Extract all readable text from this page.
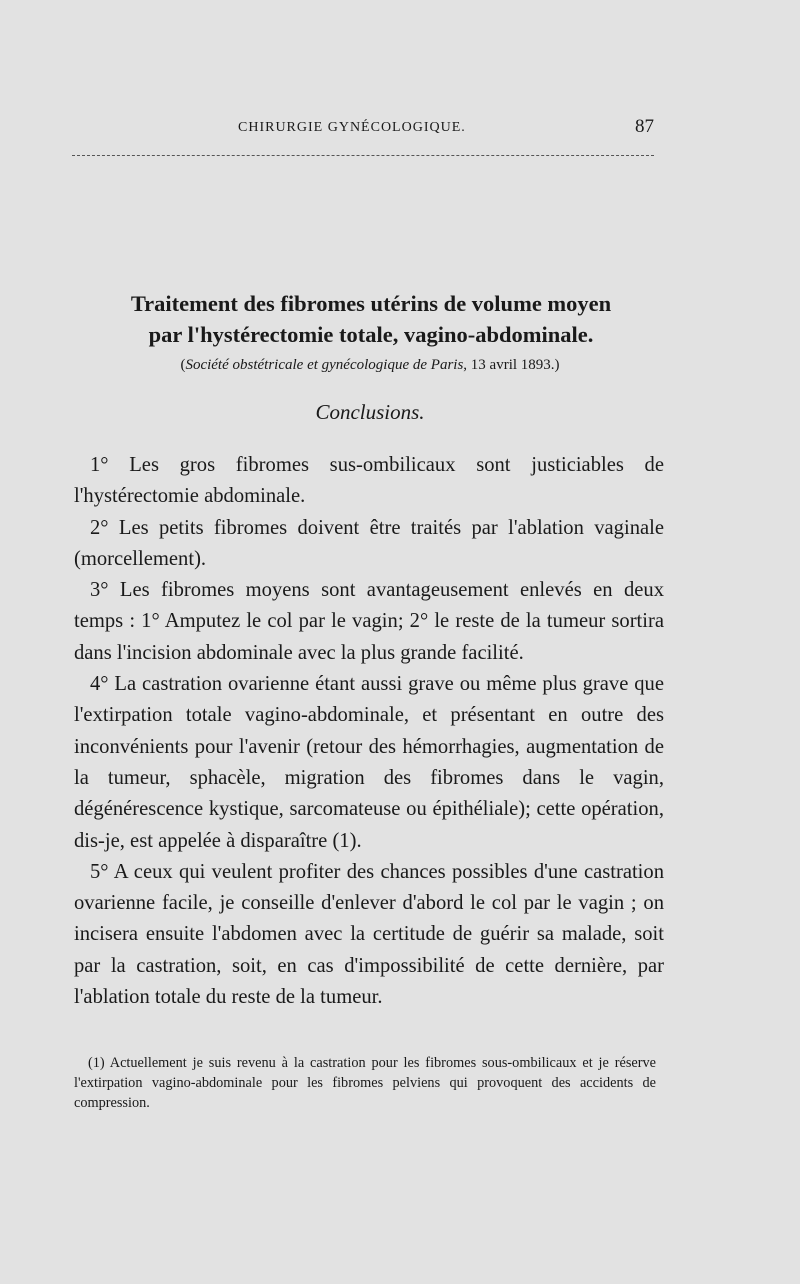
CHIRURGIE GYNÉCOLOGIQUE.	87
Traitement des fibromes utérins de volume moyen
par l'hystérectomie totale, vagino-abdominale.
(Société obstétricale et gynécologique de Paris, 13 avril 1893.)
Conclusions.

1° Les gros fibromes sus-ombilicaux sont justiciables de l'hystérectomie abdominale.

2° Les petits fibromes doivent être traités par l'ablation vaginale (morcellement).

3° Les fibromes moyens sont avantageusement enlevés en deux temps : 1° Amputez le col par le vagin; 2° le reste de la tumeur sortira dans l'incision abdominale avec la plus grande facilité.

4° La castration ovarienne étant aussi grave ou même plus grave que l'extirpation totale vagino-abdominale, et présentant en outre des inconvénients pour l'avenir (retour des hémorrhagies, augmentation de la tumeur, sphacèle, migration des fibromes dans le vagin, dégénérescence kystique, sarcomateuse ou épithéliale); cette opération, dis-je, est appelée à disparaître (1).

5° A ceux qui veulent profiter des chances possibles d'une castration ovarienne facile, je conseille d'enlever d'abord le col par le vagin ; on incisera ensuite l'abdomen avec la certitude de guérir sa malade, soit par la castration, soit, en cas d'impossibilité de cette dernière, par l'ablation totale du reste de la tumeur.

(1) Actuellement je suis revenu à la castration pour les fibromes sous-ombilicaux et je réserve l'extirpation vagino-abdominale pour les fibromes pelviens qui provoquent des accidents de compression.
